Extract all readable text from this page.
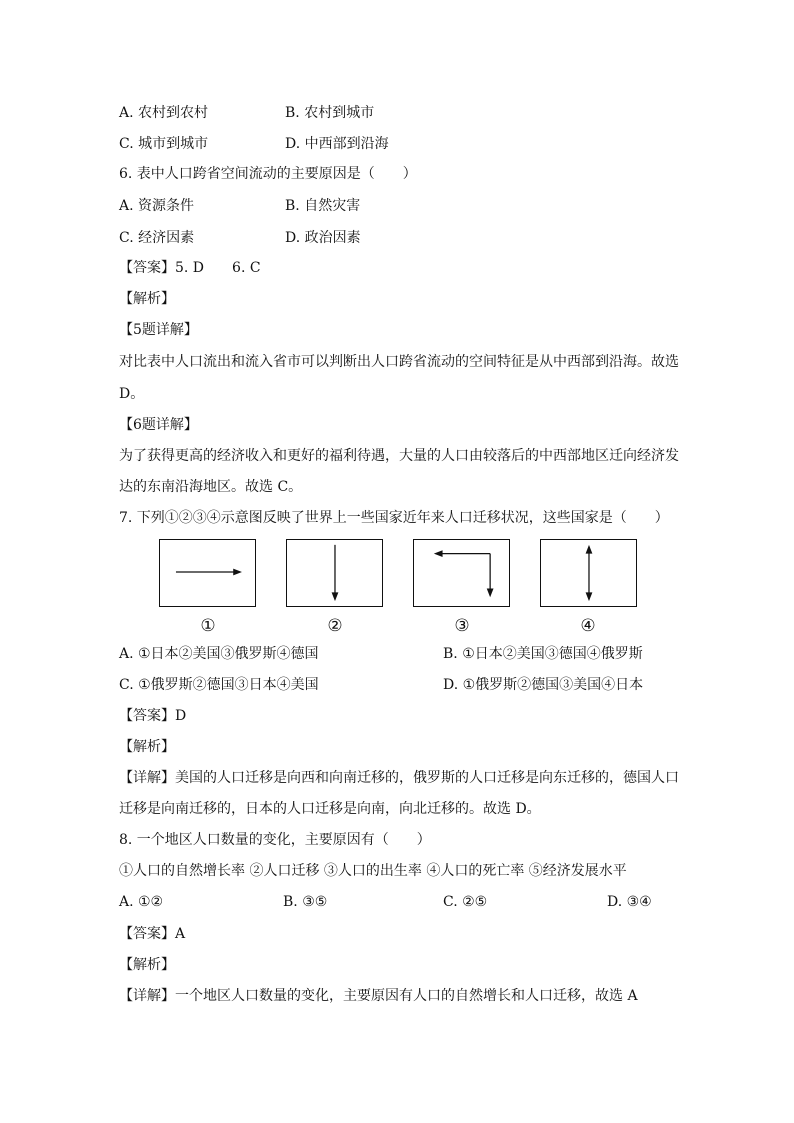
A. 农村到农村	B. 农村到城市
C. 城市到城市	D. 中西部到沿海
6. 表中人口跨省空间流动的主要原因是（　　）
A. 资源条件	B. 自然灾害
C. 经济因素	D. 政治因素
【答案】5. D　　6. C
【解析】
【5题详解】
对比表中人口流出和流入省市可以判断出人口跨省流动的空间特征是从中西部到沿海。故选
D。
【6题详解】
为了获得更高的经济收入和更好的福利待遇，大量的人口由较落后的中西部地区迁向经济发
达的东南沿海地区。故选 C。
7. 下列①②③④示意图反映了世界上一些国家近年来人口迁移状况，这些国家是（　　）
①	②	③	④
A. ①日本②美国③俄罗斯④德国	B. ①日本②美国③德国④俄罗斯
C. ①俄罗斯②德国③日本④美国	D. ①俄罗斯②德国③美国④日本
【答案】D
【解析】
【详解】美国的人口迁移是向西和向南迁移的，俄罗斯的人口迁移是向东迁移的，德国人口
迁移是向南迁移的，日本的人口迁移是向南，向北迁移的。故选 D。
8. 一个地区人口数量的变化，主要原因有（　　）
①人口的自然增长率 ②人口迁移 ③人口的出生率 ④人口的死亡率 ⑤经济发展水平
A. ①②	B. ③⑤	C. ②⑤	D. ③④
【答案】A
【解析】
【详解】一个地区人口数量的变化，主要原因有人口的自然增长和人口迁移，故选 A
